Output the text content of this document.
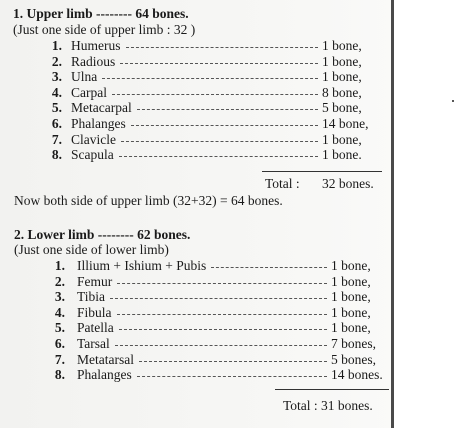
1. Upper limb -------- 64 bones.
(Just one side of upper limb : 32 )
1. Humerus	1 bone,
2. Radious	1 bone,
3. Ulna	1 bone,
4. Carpal	8 bone,
5. Metacarpal	5 bone,
6. Phalanges	14 bone,
7. Clavicle	1 bone,
8. Scapula	1 bone.
Total : 32 bones.
Now both side of upper limb (32+32) = 64 bones.
2. Lower limb -------- 62 bones.
(Just one side of lower limb)
1. Illium + Ishium + Pubis	1 bone,
2. Femur	1 bone,
3. Tibia	1 bone,
4. Fibula	1 bone,
5. Patella	1 bone,
6. Tarsal	7 bones,
7. Metatarsal	5 bones,
8. Phalanges	14 bones.
Total : 31 bones.
